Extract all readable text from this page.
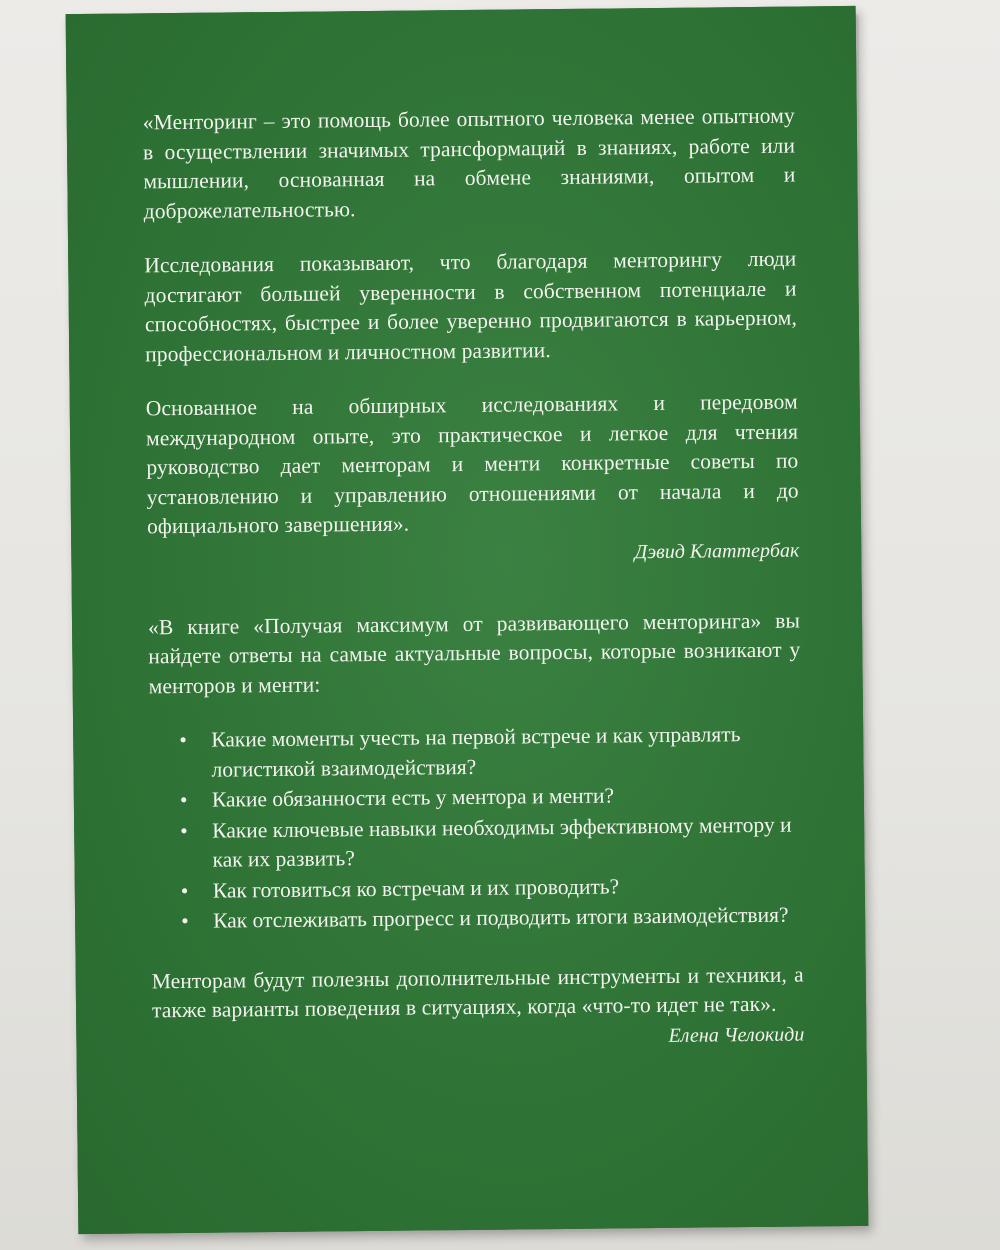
«Менторинг – это помощь более опытного человека менее опытному в осуществлении значимых трансформаций в знаниях, работе или мышлении, основанная на обмене знаниями, опытом и доброжелательностью.

Исследования показывают, что благодаря менторингу люди достигают большей уверенности в собственном потенциале и способностях, быстрее и более уверенно продвигаются в карьерном, профессиональном и личностном развитии.

Основанное на обширных исследованиях и передовом международном опыте, это практическое и легкое для чтения руководство дает менторам и менти конкретные советы по установлению и управлению отношениями от начала и до официального завершения».

Дэвид Клаттербак

«В книге «Получая максимум от развивающего менторинга» вы найдете ответы на самые актуальные вопросы, которые возникают у менторов и менти:

• Какие моменты учесть на первой встрече и как управлять логистикой взаимодействия?
• Какие обязанности есть у ментора и менти?
• Какие ключевые навыки необходимы эффективному ментору и как их развить?
• Как готовиться ко встречам и их проводить?
• Как отслеживать прогресс и подводить итоги взаимодействия?

Менторам будут полезны дополнительные инструменты и техники, а также варианты поведения в ситуациях, когда «что-то идет не так».

Елена Челокиди
